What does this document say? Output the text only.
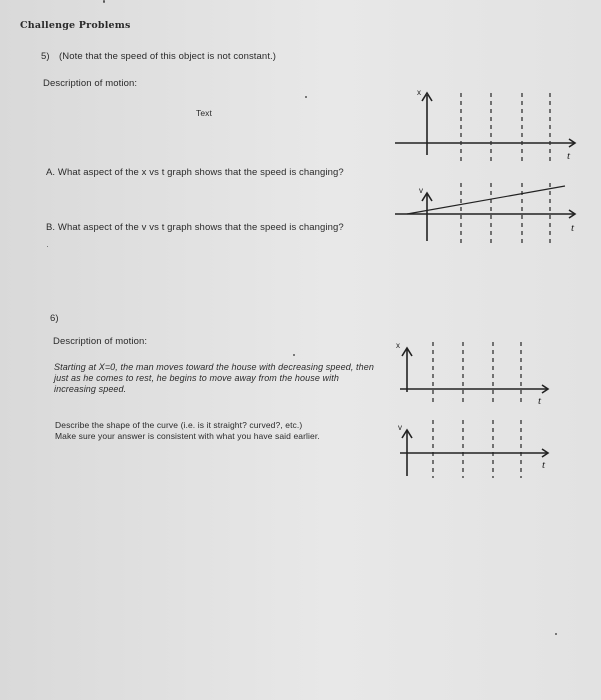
Challenge Problems
5) (Note that the speed of this object is not constant.)
Description of motion:
Text
A. What aspect of the x vs t graph shows that the speed is changing?
B. What aspect of the v vs t graph shows that the speed is changing?
x
t
v
t
6)
Description of motion:
Starting at X=0, the man moves toward the house with decreasing speed, then just as he comes to rest, he begins to move away from the house with increasing speed.
Describe the shape of the curve (i.e. is it straight? curved?, etc.)
Make sure your answer is consistent with what you have said earlier.
x
t
v
t
